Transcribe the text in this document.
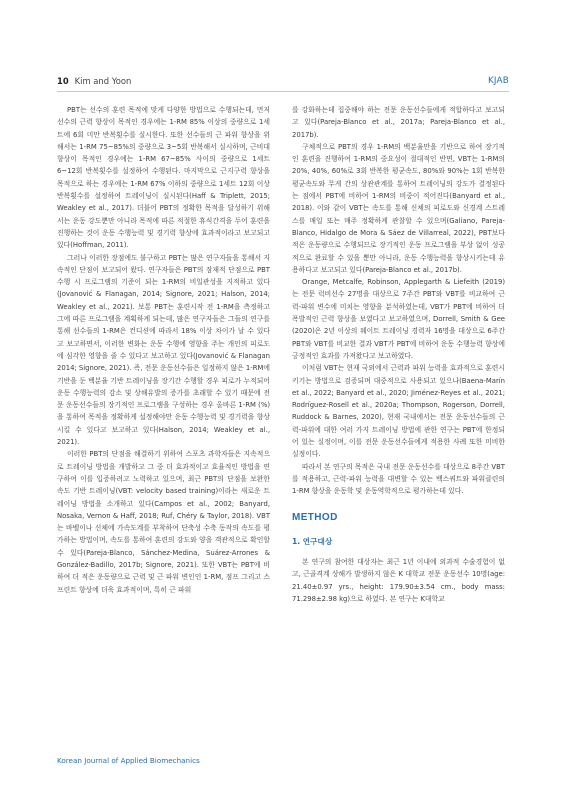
10 Kim and Yoon	KJAB

PBT는 선수의 훈련 목적에 맞게 다양한 방법으로 수행되는데, 먼저 선수의 근력 향상이 목적인 경우에는 1-RM 85% 이상의 중량으로 1세트에 6회 미만 반복횟수를 실시한다. 또한 선수들의 근 파워 향상을 위해서는 1-RM 75~85%의 중량으로 3~5회 반복해서 실시하며, 근비대 향상이 목적인 경우에는 1-RM 67~85% 사이의 중량으로 1세트 6~12회 반복횟수를 설정하여 수행된다. 마지막으로 근지구력 향상을 목적으로 하는 경우에는 1-RM 67% 이하의 중량으로 1세트 12회 이상 반복횟수를 설정하여 트레이닝이 실시된다(Haff & Triplett, 2015; Weakley et al., 2017). 더불어 PBT의 정확한 목적을 달성하기 위해서는 운동 강도뿐만 아니라 목적에 따른 적절한 휴식간격을 두어 훈련을 진행하는 것이 운동 수행능력 및 경기력 향상에 효과적이라고 보고되고 있다(Hoffman, 2011).

그러나 이러한 장점에도 불구하고 PBT는 많은 연구자들을 통해서 지속적인 단점이 보고되어 왔다. 연구자들은 PBT의 잠재적 단점으로 PBT 수행 시 프로그램의 기준이 되는 1-RM의 비일관성을 지적하고 있다(Jovanović & Flanagan, 2014; Signore, 2021; Halson, 2014; Weakley et al., 2021). 보통 PBT는 훈련시작 전 1-RM을 측정하고 그에 따른 프로그램을 계획하게 되는데, 많은 연구자들은 그들의 연구를 통해 선수들의 1-RM은 컨디션에 따라서 18% 이상 차이가 날 수 있다고 보고하면서, 이러한 변화는 운동 수행에 영향을 주는 개인의 피로도에 심각한 영향을 줄 수 있다고 보고하고 있다(Jovanović & Flanagan 2014; Signore, 2021). 즉, 전문 운동선수들은 일정하지 않은 1-RM에 기반을 둔 백분율 기반 트레이닝을 장기간 수행할 경우 피로가 누적되어 운동 수행능력의 감소 및 상해유발의 증가를 초래할 수 있기 때문에 전문 운동선수들의 장기적인 프로그램을 구성하는 경우 올바른 1-RM (%)을 통하여 목적을 정확하게 설정해야만 운동 수행능력 및 경기력을 향상시킬 수 있다고 보고하고 있다(Halson, 2014; Weakley et al., 2021).

이러한 PBT의 단점을 해결하기 위하여 스포츠 과학자들은 지속적으로 트레이닝 방법을 개발하고 그 중 더 효과적이고 효율적인 방법을 연구하여 이를 입증하려고 노력하고 있으며, 최근 PBT의 단점을 보완한 속도 기반 트레이닝(VBT: velocity based training)이라는 새로운 트레이닝 방법을 소개하고 있다(Campos et al., 2002; Banyard, Nosaka, Vernon & Haff, 2018; Ruf, Chéry & Taylor, 2018). VBT는 바벨이나 신체에 가속도계를 부착하여 단축성 수축 동작의 속도를 평가하는 방법이며, 속도를 통하여 훈련의 강도와 양을 객관적으로 확인할 수 있다(Pareja-Blanco, Sánchez-Medina, Suárez-Arrones & González-Badillo, 2017b; Signore, 2021). 또한 VBT는 PBT에 비하여 더 적은 운동량으로 근력 및 근 파워 변인인 1-RM, 점프 그리고 스프린트 향상에 더욱 효과적이며, 특히 근 파워

를 강화하는데 집중해야 하는 전문 운동선수들에게 적합하다고 보고되고 있다(Pareja-Blanco et al., 2017a; Pareja-Blanco et al., 2017b).

구체적으로 PBT의 경우 1-RM의 백분율만을 기반으로 하여 장기적인 훈련을 진행하여 1-RM의 중요성이 절대적인 반면, VBT는 1-RM의 20%, 40%, 60%로 3회 반복한 평균속도, 80%와 90%는 1회 반복한 평균속도와 무게 간의 상관관계를 통하여 트레이닝의 강도가 결정된다는 점에서 PBT에 비하여 1-RM의 비중이 적어진다(Banyard et al., 2018). 이와 같이 VBT는 속도를 통해 신체의 피로도와 신경계 스트레스를 매일 또는 매주 정확하게 관찰할 수 있으며(Galiano, Pareja-Blanco, Hidalgo de Mora & Sáez de Villarreal, 2022), PBT보다 적은 운동량으로 수행되므로 장기적인 운동 프로그램을 부상 없이 성공적으로 완료할 수 있을 뿐만 아니라, 운동 수행능력을 향상시키는데 유용하다고 보고되고 있다(Pareja-Blanco et al., 2017b).

Orange, Metcalfe, Robinson, Applegarth & Liefeith (2019)는 전문 럭비선수 27명을 대상으로 7주간 PBT와 VBT를 비교하여 근력-파워 변수에 미치는 영향을 분석하였는데, VBT가 PBT에 비하여 더 폭발적인 근력 향상을 보였다고 보고하였으며, Dorrell, Smith & Gee (2020)은 2년 이상의 웨이트 트레이닝 경력자 16명을 대상으로 6주간 PBT와 VBT를 비교한 결과 VBT가 PBT에 비하여 운동 수행능력 향상에 긍정적인 효과를 가져왔다고 보고하였다.

이처럼 VBT는 현재 국외에서 근력과 파워 능력을 효과적으로 훈련시키기는 방법으로 검증되며 대중적으로 사용되고 있으나(Baena-Marín et al., 2022; Banyard et al., 2020; Jiménez-Reyes et al., 2021; Rodríguez-Rosell et al., 2020a; Thompson, Rogerson, Dorrell, Ruddock & Barnes, 2020), 현재 국내에서는 전문 운동선수들의 근력-파워에 대한 여러 가지 트레이닝 방법에 관한 연구는 PBT에 한정되어 있는 실정이며, 이를 전문 운동선수들에게 적용한 사례 또한 미비한 실정이다.

따라서 본 연구의 목적은 국내 전문 운동선수를 대상으로 8주간 VBT를 적용하고, 근력-파워 능력을 대변할 수 있는 백스쿼트와 파워클린의 1-RM 향상을 운동학 및 운동역학적으로 평가하는데 있다.

METHOD
1. 연구대상

본 연구의 참여한 대상자는 최근 1년 이내에 외과적 수술경험이 없고, 근골격계 상해가 발생하지 않은 K 대학교 전문 운동선수 10명(age: 21.40±0.97 yrs., height: 179.90±3.54 cm., body mass: 71.298±2.98 kg)으로 하였다. 본 연구는 K대학교

Korean Journal of Applied Biomechanics
